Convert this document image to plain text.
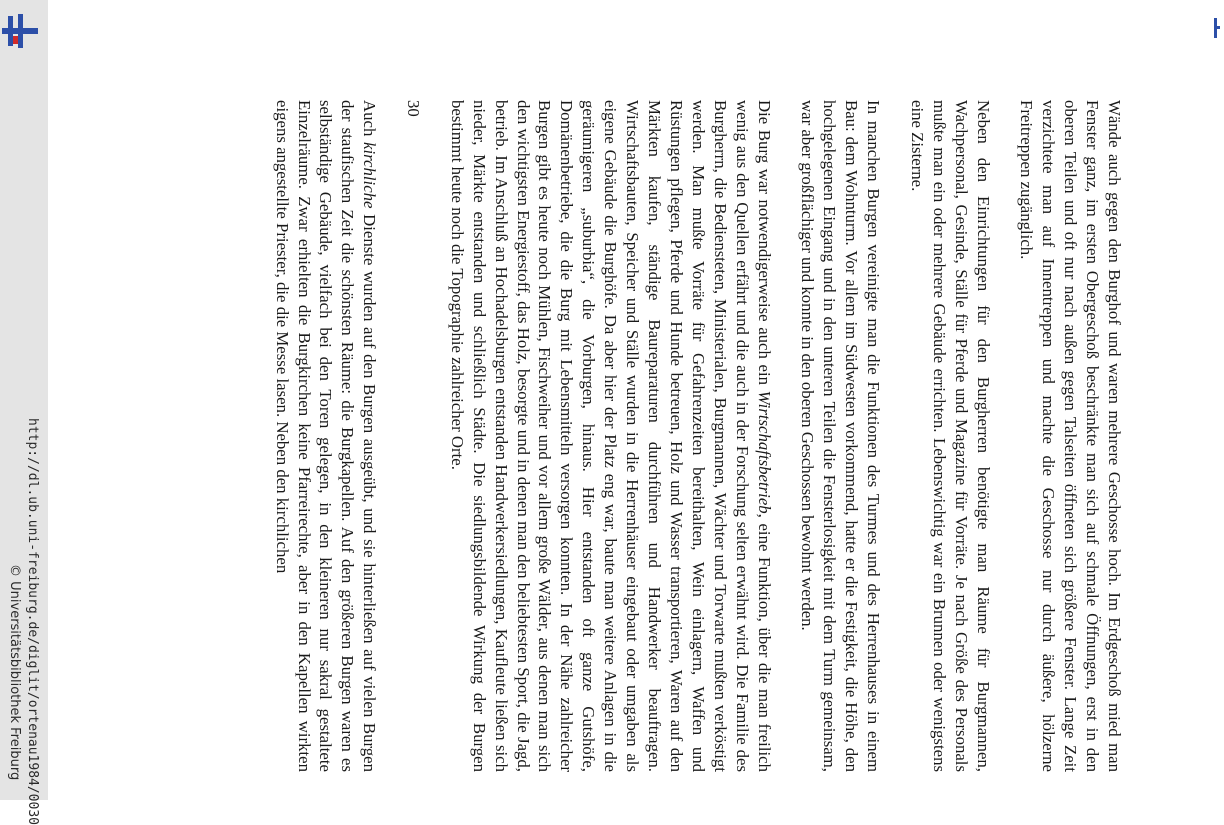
http://dl.ub.uni-freiburg.de/diglit/ortenau1984/0030
© Universitätsbibliothek Freiburg	Wände auch gegen den Burghof und waren mehrere Geschosse hoch. Im Erdgeschoß mied man Fenster ganz, im ersten Obergeschoß beschränkte man sich auf schmale Öffnungen, erst in den oberen Teilen und oft nur nach außen gegen Talseiten öffneten sich größere Fenster. Lange Zeit verzichtete man auf Innentreppen und machte die Geschosse nur durch äußere, hölzerne Freitreppen zugänglich.

Neben den Einrichtungen für den Burgherren benötigte man Räume für Burgmannen, Wachpersonal, Gesinde, Ställe für Pferde und Magazine für Vorräte. Je nach Größe des Personals mußte man ein oder mehrere Gebäude errichten. Lebenswichtig war ein Brunnen oder wenigstens eine Zisterne.

In manchen Burgen vereinigte man die Funktionen des Turmes und des Herrenhauses in einem Bau: dem Wohnturm. Vor allem im Südwesten vorkommend, hatte er die Festigkeit, die Höhe, den hochgelegenen Eingang und in den unteren Teilen die Fensterlosigkeit mit dem Turm gemeinsam, war aber großflächiger und konnte in den oberen Geschossen bewohnt werden.

Die Burg war notwendigerweise auch ein Wirtschaftsbetrieb, eine Funktion, über die man freilich wenig aus den Quellen erfährt und die auch in der Forschung selten erwähnt wird. Die Familie des Burgherrn, die Bediensteten, Ministerialen, Burgmannen, Wächter und Torwarte mußten verköstigt werden. Man mußte Vorräte für Gefahrenzeiten bereithalten, Wein einlagern, Waffen und Rüstungen pflegen, Pferde und Hunde betreuen, Holz und Wasser transportieren, Waren auf den Märkten kaufen, ständige Baureparaturen durchführen und Handwerker beauftragen. Wirtschaftsbauten, Speicher und Ställe wurden in die Herrenhäuser eingebaut oder umgaben als eigene Gebäude die Burghöfe. Da aber hier der Platz eng war, baute man weitere Anlagen in die geräumigeren „suburbia“, die Vorburgen, hinaus. Hier entstanden oft ganze Gutshöfe, Domänenbetriebe, die die Burg mit Lebensmitteln versorgen konnten. In der Nähe zahlreicher Burgen gibt es heute noch Mühlen, Fischweiher und vor allem große Wälder, aus denen man sich den wichtigsten Energiestoff, das Holz, besorgte und in denen man den beliebtesten Sport, die Jagd, betrieb. Im Anschluß an Hochadelsburgen entstanden Handwerkersiedlungen, Kaufleute ließen sich nieder, Märkte entstanden und schließlich Städte. Die siedlungsbildende Wirkung der Burgen bestimmt heute noch die Topographie zahlreicher Orte.

30

Auch kirchliche Dienste wurden auf den Burgen ausgeübt, und sie hinterließen auf vielen Burgen der staufischen Zeit die schönsten Räume: die Burgkapellen. Auf den größeren Burgen waren es selbständige Gebäude, vielfach bei den Toren gelegen, in den kleineren nur sakral gestaltete Einzelräume. Zwar erhielten die Burgkirchen keine Pfarreirechte, aber in den Kapellen wirkten eigens angestellte Priester, die die Messe lasen. Neben den kirchlichen
